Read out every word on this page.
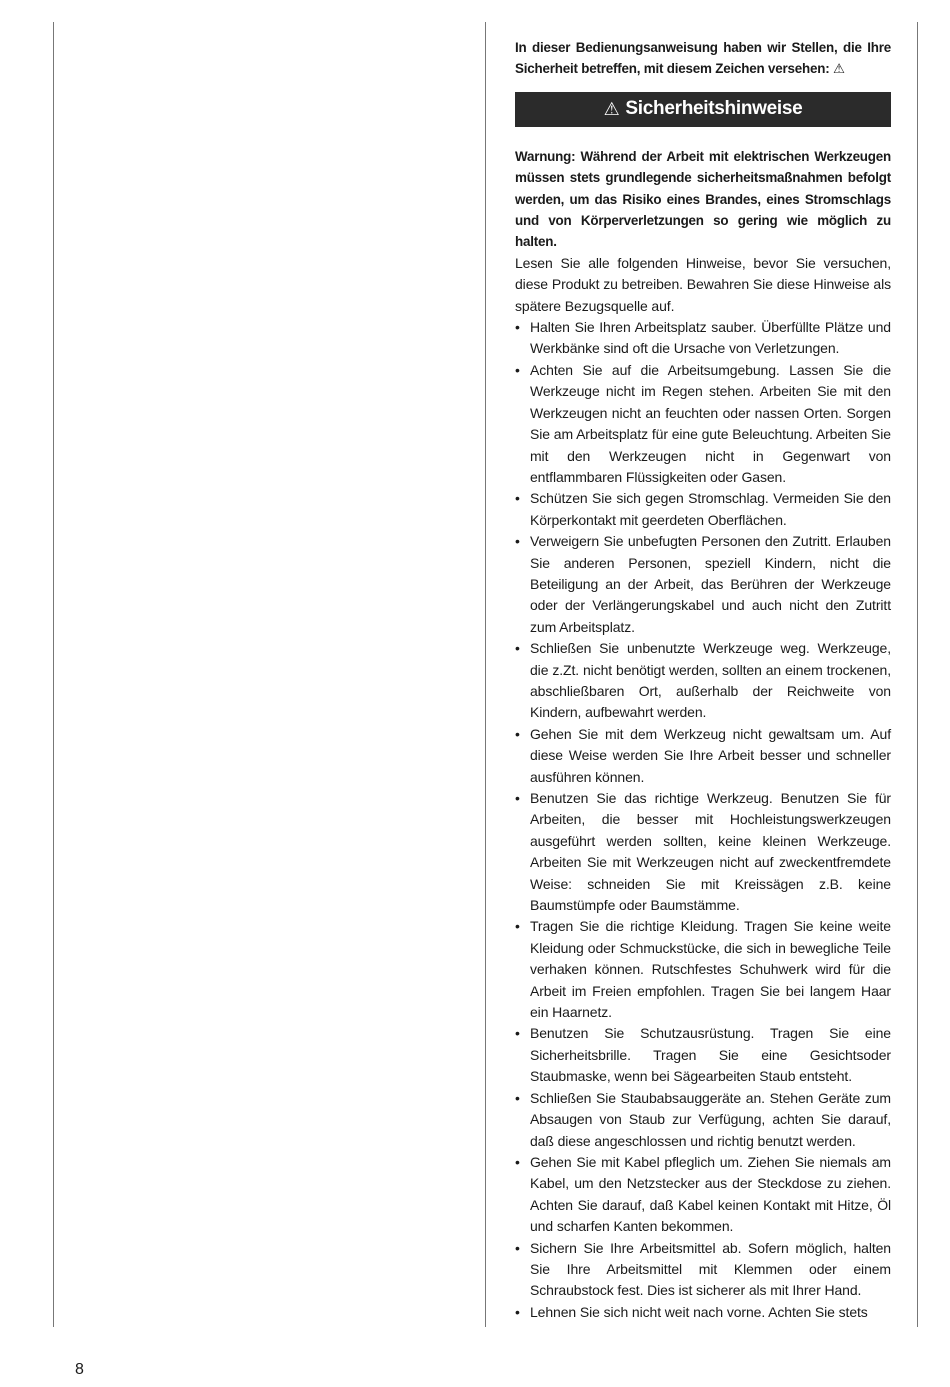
In dieser Bedienungsanweisung haben wir Stellen, die Ihre Sicherheit betreffen, mit diesem Zeichen versehen: ⚠

⚠ Sicherheitshinweise

Warnung: Während der Arbeit mit elektrischen Werkzeugen müssen stets grundlegende sicherheitsmaßnahmen befolgt werden, um das Risiko eines Brandes, eines Stromschlags und von Körperverletzungen so gering wie möglich zu halten.

Lesen Sie alle folgenden Hinweise, bevor Sie versuchen, diese Produkt zu betreiben. Bewahren Sie diese Hinweise als spätere Bezugsquelle auf.

• Halten Sie Ihren Arbeitsplatz sauber. Überfüllte Plätze und Werkbänke sind oft die Ursache von Verletzungen.
• Achten Sie auf die Arbeitsumgebung. Lassen Sie die Werkzeuge nicht im Regen stehen. Arbeiten Sie mit den Werkzeugen nicht an feuchten oder nassen Orten. Sorgen Sie am Arbeitsplatz für eine gute Beleuchtung. Arbeiten Sie mit den Werkzeugen nicht in Gegenwart von entflammbaren Flüssigkeiten oder Gasen.
• Schützen Sie sich gegen Stromschlag. Vermeiden Sie den Körperkontakt mit geerdeten Oberflächen.
• Verweigern Sie unbefugten Personen den Zutritt. Erlauben Sie anderen Personen, speziell Kindern, nicht die Beteiligung an der Arbeit, das Berühren der Werkzeuge oder der Verlängerungskabel und auch nicht den Zutritt zum Arbeitsplatz.
• Schließen Sie unbenutzte Werkzeuge weg. Werkzeuge, die z.Zt. nicht benötigt werden, sollten an einem trockenen, abschließbaren Ort, außerhalb der Reichweite von Kindern, aufbewahrt werden.
• Gehen Sie mit dem Werkzeug nicht gewaltsam um. Auf diese Weise werden Sie Ihre Arbeit besser und schneller ausführen können.
• Benutzen Sie das richtige Werkzeug. Benutzen Sie für Arbeiten, die besser mit Hochleistungswerkzeugen ausgeführt werden sollten, keine kleinen Werkzeuge. Arbeiten Sie mit Werkzeugen nicht auf zweckentfremdete Weise: schneiden Sie mit Kreissägen z.B. keine Baumstümpfe oder Baumstämme.
• Tragen Sie die richtige Kleidung. Tragen Sie keine weite Kleidung oder Schmuckstücke, die sich in bewegliche Teile verhaken können. Rutschfestes Schuhwerk wird für die Arbeit im Freien empfohlen. Tragen Sie bei langem Haar ein Haarnetz.
• Benutzen Sie Schutzausrüstung. Tragen Sie eine Sicherheitsbrille. Tragen Sie eine Gesichtsoder Staubmaske, wenn bei Sägearbeiten Staub entsteht.
• Schließen Sie Staubabsauggeräte an. Stehen Geräte zum Absaugen von Staub zur Verfügung, achten Sie darauf, daß diese angeschlossen und richtig benutzt werden.
• Gehen Sie mit Kabel pfleglich um. Ziehen Sie niemals am Kabel, um den Netzstecker aus der Steckdose zu ziehen. Achten Sie darauf, daß Kabel keinen Kontakt mit Hitze, Öl und scharfen Kanten bekommen.
• Sichern Sie Ihre Arbeitsmittel ab. Sofern möglich, halten Sie Ihre Arbeitsmittel mit Klemmen oder einem Schraubstock fest. Dies ist sicherer als mit Ihrer Hand.
• Lehnen Sie sich nicht weit nach vorne. Achten Sie stets
8
